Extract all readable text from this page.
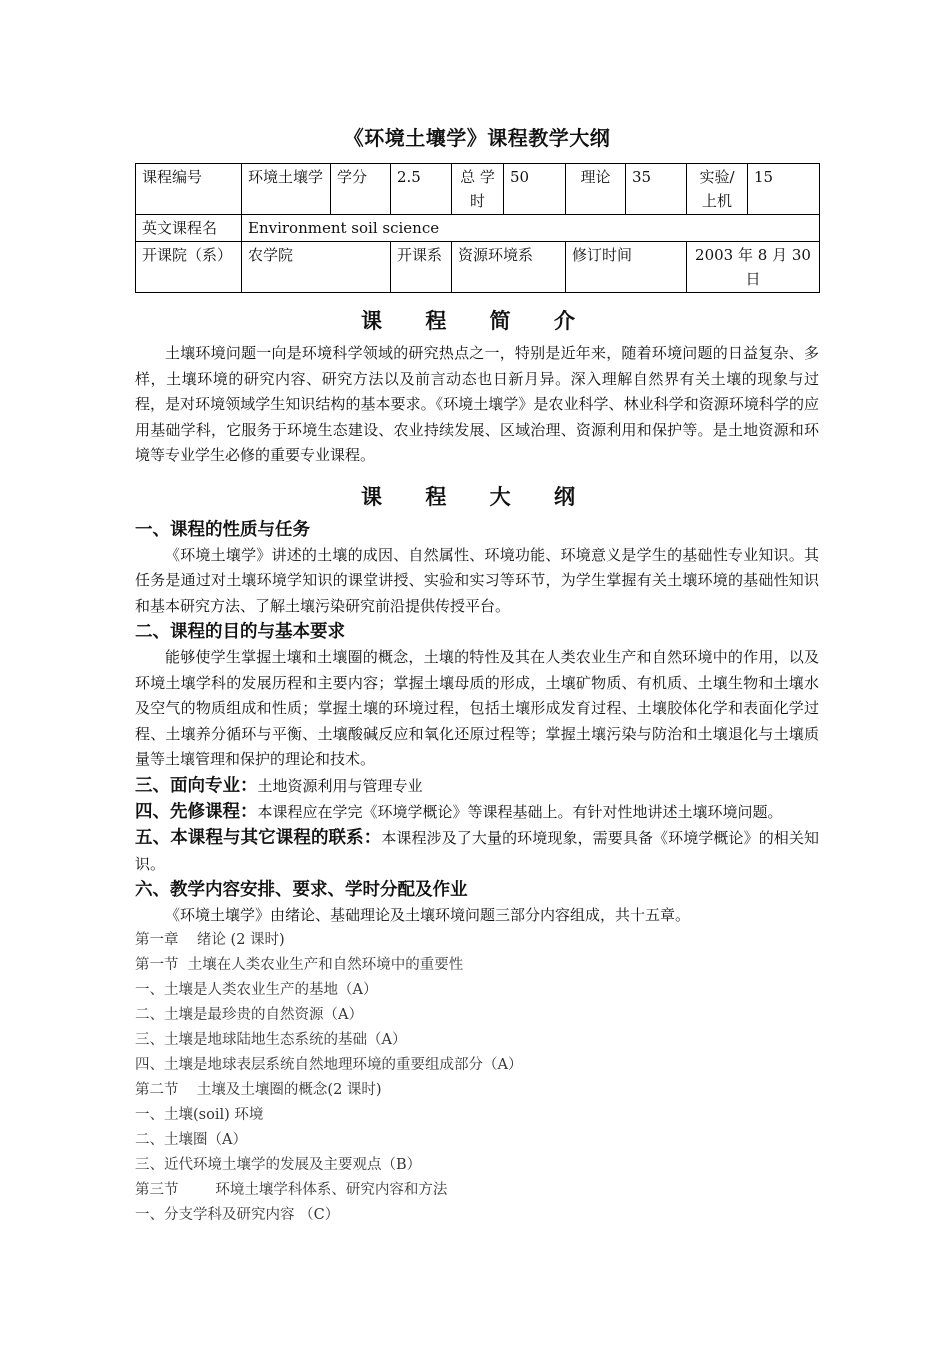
《环境土壤学》课程教学大纲
课程编号	环境土壤学	学分	2.5	总 学时	50	理论	35	实验/上机	15
英文课程名	Environment soil science								
开课院（系）	农学院		开课系	资源环境系		修订时间		2003 年 8 月 30 日	
课 程 简 介

土壤环境问题一向是环境科学领域的研究热点之一，特别是近年来，随着环境问题的日益复杂、多样，土壤环境的研究内容、研究方法以及前言动态也日新月异。深入理解自然界有关土壤的现象与过程，是对环境领域学生知识结构的基本要求。《环境土壤学》是农业科学、林业科学和资源环境科学的应用基础学科，它服务于环境生态建设、农业持续发展、区域治理、资源利用和保护等。是土地资源和环境等专业学生必修的重要专业课程。

课 程 大 纲

一、课程的性质与任务

《环境土壤学》讲述的土壤的成因、自然属性、环境功能、环境意义是学生的基础性专业知识。其任务是通过对土壤环境学知识的课堂讲授、实验和实习等环节，为学生掌握有关土壤环境的基础性知识和基本研究方法、了解土壤污染研究前沿提供传授平台。

二、课程的目的与基本要求

能够使学生掌握土壤和土壤圈的概念，土壤的特性及其在人类农业生产和自然环境中的作用，以及环境土壤学科的发展历程和主要内容；掌握土壤母质的形成，土壤矿物质、有机质、土壤生物和土壤水及空气的物质组成和性质；掌握土壤的环境过程，包括土壤形成发育过程、土壤胶体化学和表面化学过程、土壤养分循环与平衡、土壤酸碱反应和氧化还原过程等；掌握土壤污染与防治和土壤退化与土壤质量等土壤管理和保护的理论和技术。

三、面向专业：土地资源利用与管理专业

四、先修课程：本课程应在学完《环境学概论》等课程基础上。有针对性地讲述土壤环境问题。

五、本课程与其它课程的联系：本课程涉及了大量的环境现象，需要具备《环境学概论》的相关知识。

六、教学内容安排、要求、学时分配及作业

《环境土壤学》由绪论、基础理论及土壤环境问题三部分内容组成，共十五章。

第一章    绪论 (2 课时)

第一节  土壤在人类农业生产和自然环境中的重要性

一、土壤是人类农业生产的基地（A）

二、土壤是最珍贵的自然资源（A）

三、土壤是地球陆地生态系统的基础（A）

四、土壤是地球表层系统自然地理环境的重要组成部分（A）

第二节    土壤及土壤圈的概念(2 课时)

一、土壤(soil) 环境

二、土壤圈（A）

三、近代环境土壤学的发展及主要观点（B）

第三节        环境土壤学科体系、研究内容和方法

一、分支学科及研究内容 （C）
